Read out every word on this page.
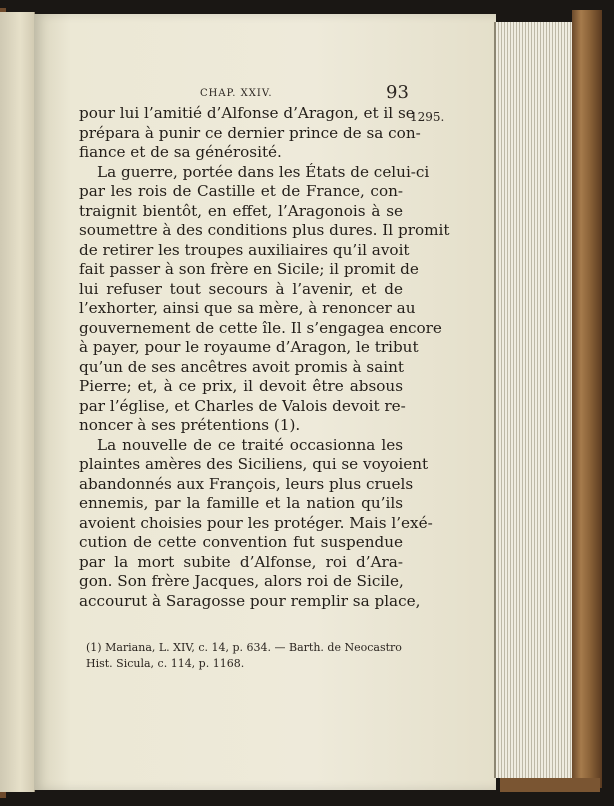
CHAP. XXIV.	93
1295.
pour lui l’amitié d’Alfonse d’Aragon, et il se
prépara à punir ce dernier prince de sa con-
fiance et de sa générosité.
La guerre, portée dans les États de celui-ci
par les rois de Castille et de France, con-
traignit bientôt, en effet, l’Aragonois à se
soumettre à des conditions plus dures. Il promit
de retirer les troupes auxiliaires qu’il avoit
fait passer à son frère en Sicile; il promit de
lui refuser tout secours à l’avenir, et de
l’exhorter, ainsi que sa mère, à renoncer au
gouvernement de cette île. Il s’engagea encore
à payer, pour le royaume d’Aragon, le tribut
qu’un de ses ancêtres avoit promis à saint
Pierre; et, à ce prix, il devoit être absous
par l’église, et Charles de Valois devoit re-
noncer à ses prétentions (1).
La nouvelle de ce traité occasionna les
plaintes amères des Siciliens, qui se voyoient
abandonnés aux François, leurs plus cruels
ennemis, par la famille et la nation qu’ils
avoient choisies pour les protéger. Mais l’exé-
cution de cette convention fut suspendue
par la mort subite d’Alfonse, roi d’Ara-
gon. Son frère Jacques, alors roi de Sicile,
accourut à Saragosse pour remplir sa place,
(1) Mariana, L. XIV, c. 14, p. 634. — Barth. de Neocastro
Hist. Sicula, c. 114, p. 1168.
